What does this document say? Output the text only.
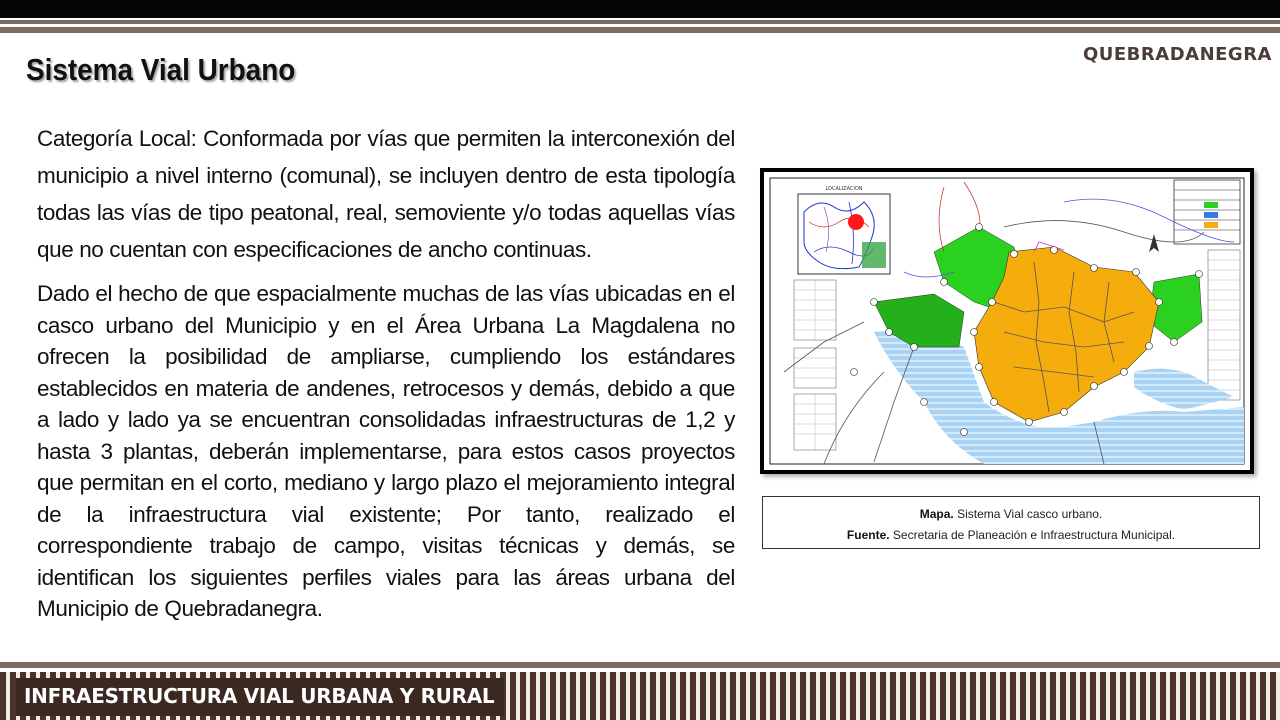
QUEBRADANEGRA
Sistema Vial Urbano

Categoría Local: Conformada por vías que permiten la interconexión del municipio a nivel interno (comunal), se incluyen dentro de esta tipología todas las vías de tipo peatonal, real, semoviente y/o todas aquellas vías que no cuentan con especificaciones de ancho continuas.

Dado el hecho de que espacialmente muchas de las vías ubicadas en el casco urbano del Municipio y en el Área Urbana La Magdalena no ofrecen la posibilidad de ampliarse, cumpliendo los estándares establecidos en materia de andenes, retrocesos y demás, debido a que a lado y lado ya se encuentran consolidadas infraestructuras de 1,2 y hasta 3 plantas, deberán implementarse, para estos casos proyectos que permitan en el corto, mediano y largo plazo el mejoramiento integral de la infraestructura vial existente; Por tanto, realizado el correspondiente trabajo de campo, visitas técnicas y demás, se identifican los siguientes perfiles viales para las áreas urbana del Municipio de Quebradanegra.

LOCALIZACION
Mapa. Sistema Vial casco urbano.
Fuente. Secretaria de Planeación e Infraestructura Municipal.
INFRAESTRUCTURA VIAL URBANA Y RURAL
